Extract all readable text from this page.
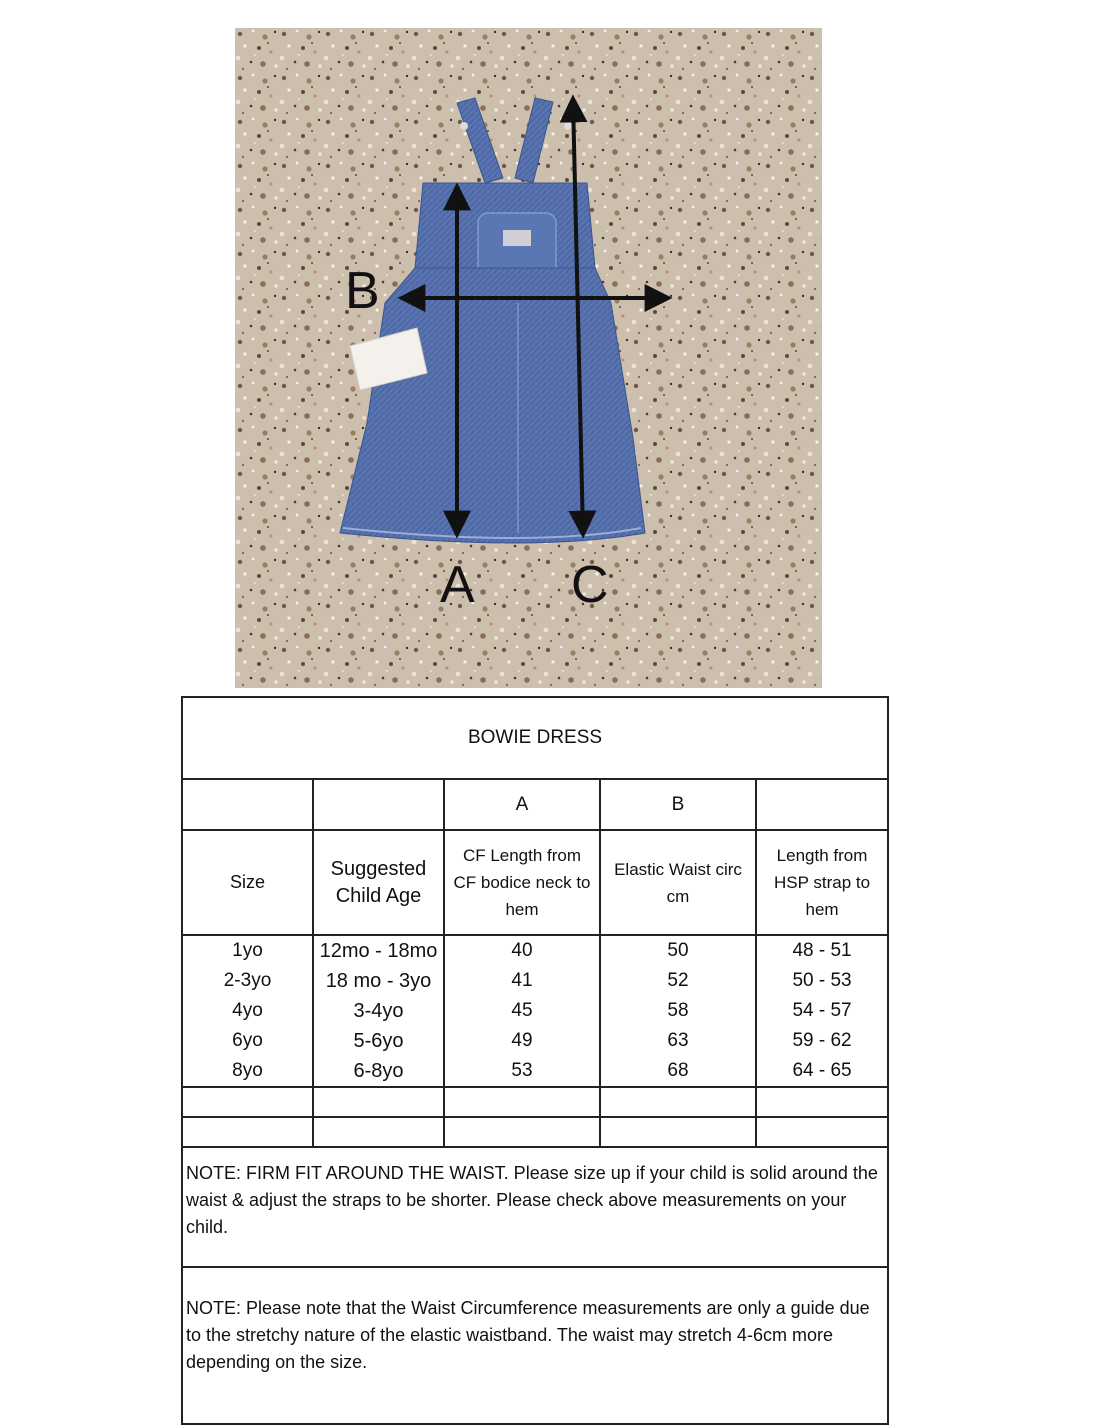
B
A C
BOWIE DRESS				
		A	B	
Size	Suggested Child Age	CF Length from CF bodice neck to hem	Elastic Waist circ cm	Length from HSP strap to hem
1yo	12mo - 18mo	40	50	48 - 51
2-3yo	18 mo - 3yo	41	52	50 - 53
4yo	3-4yo	45	58	54 - 57
6yo	5-6yo	49	63	59 - 62
8yo	6-8yo	53	68	64 - 65

NOTE: FIRM FIT AROUND THE WAIST. Please size up if your child is solid around the waist & adjust the straps to be shorter. Please check above measurements on your child.				
NOTE: Please note that the Waist Circumference measurements are only a guide due to the stretchy nature of the elastic waistband. The waist may stretch 4-6cm more depending on the size.				
